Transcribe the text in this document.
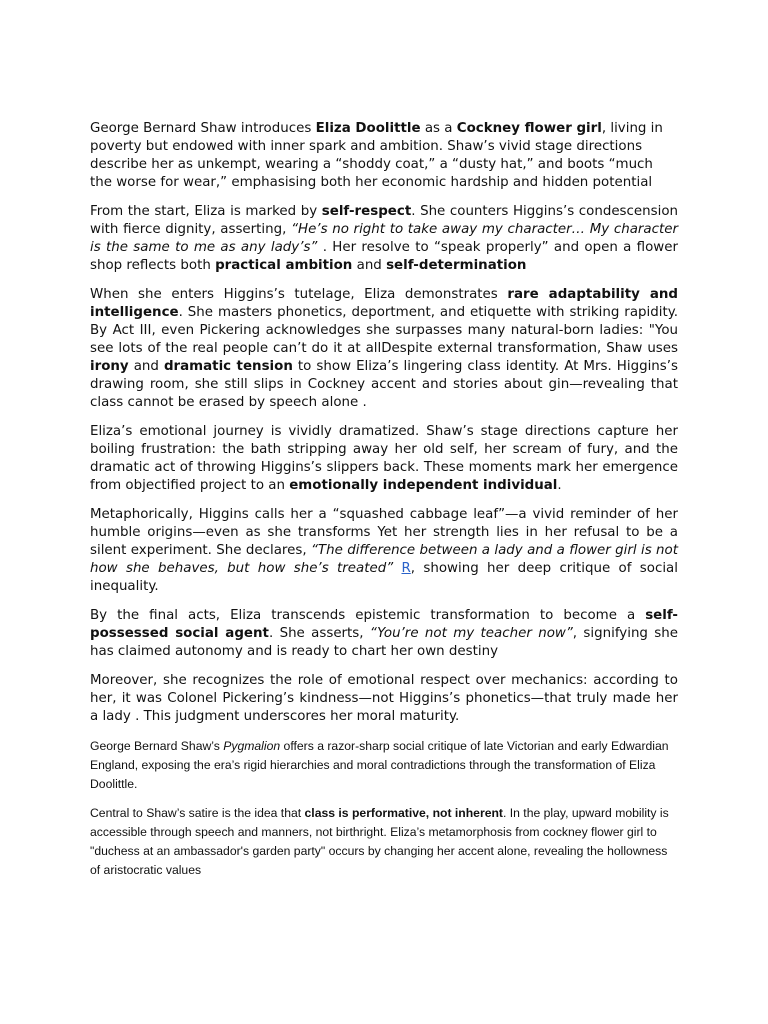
George Bernard Shaw introduces Eliza Doolittle as a Cockney flower girl, living in poverty but endowed with inner spark and ambition. Shaw’s vivid stage directions describe her as unkempt, wearing a “shoddy coat,” a “dusty hat,” and boots “much the worse for wear,” emphasising both her economic hardship and hidden potential

From the start, Eliza is marked by self-respect. She counters Higgins’s condescension with fierce dignity, asserting, “He’s no right to take away my character… My character is the same to me as any lady’s” . Her resolve to “speak properly” and open a flower shop reflects both practical ambition and self-determination

When she enters Higgins’s tutelage, Eliza demonstrates rare adaptability and intelligence. She masters phonetics, deportment, and etiquette with striking rapidity. By Act III, even Pickering acknowledges she surpasses many natural-born ladies: "You see lots of the real people can’t do it at allDespite external transformation, Shaw uses irony and dramatic tension to show Eliza’s lingering class identity. At Mrs. Higgins’s drawing room, she still slips in Cockney accent and stories about gin—revealing that class cannot be erased by speech alone .

Eliza’s emotional journey is vividly dramatized. Shaw’s stage directions capture her boiling frustration: the bath stripping away her old self, her scream of fury, and the dramatic act of throwing Higgins’s slippers back. These moments mark her emergence from objectified project to an emotionally independent individual.

Metaphorically, Higgins calls her a “squashed cabbage leaf”—a vivid reminder of her humble origins—even as she transforms Yet her strength lies in her refusal to be a silent experiment. She declares, “The difference between a lady and a flower girl is not how she behaves, but how she’s treated” R, showing her deep critique of social inequality.

By the final acts, Eliza transcends epistemic transformation to become a self-possessed social agent. She asserts, “You’re not my teacher now”, signifying she has claimed autonomy and is ready to chart her own destiny

Moreover, she recognizes the role of emotional respect over mechanics: according to her, it was Colonel Pickering’s kindness—not Higgins’s phonetics—that truly made her a lady . This judgment underscores her moral maturity.

George Bernard Shaw’s Pygmalion offers a razor-sharp social critique of late Victorian and early Edwardian England, exposing the era’s rigid hierarchies and moral contradictions through the transformation of Eliza Doolittle.

Central to Shaw’s satire is the idea that class is performative, not inherent. In the play, upward mobility is accessible through speech and manners, not birthright. Eliza’s metamorphosis from cockney flower girl to "duchess at an ambassador's garden party" occurs by changing her accent alone, revealing the hollowness of aristocratic values
